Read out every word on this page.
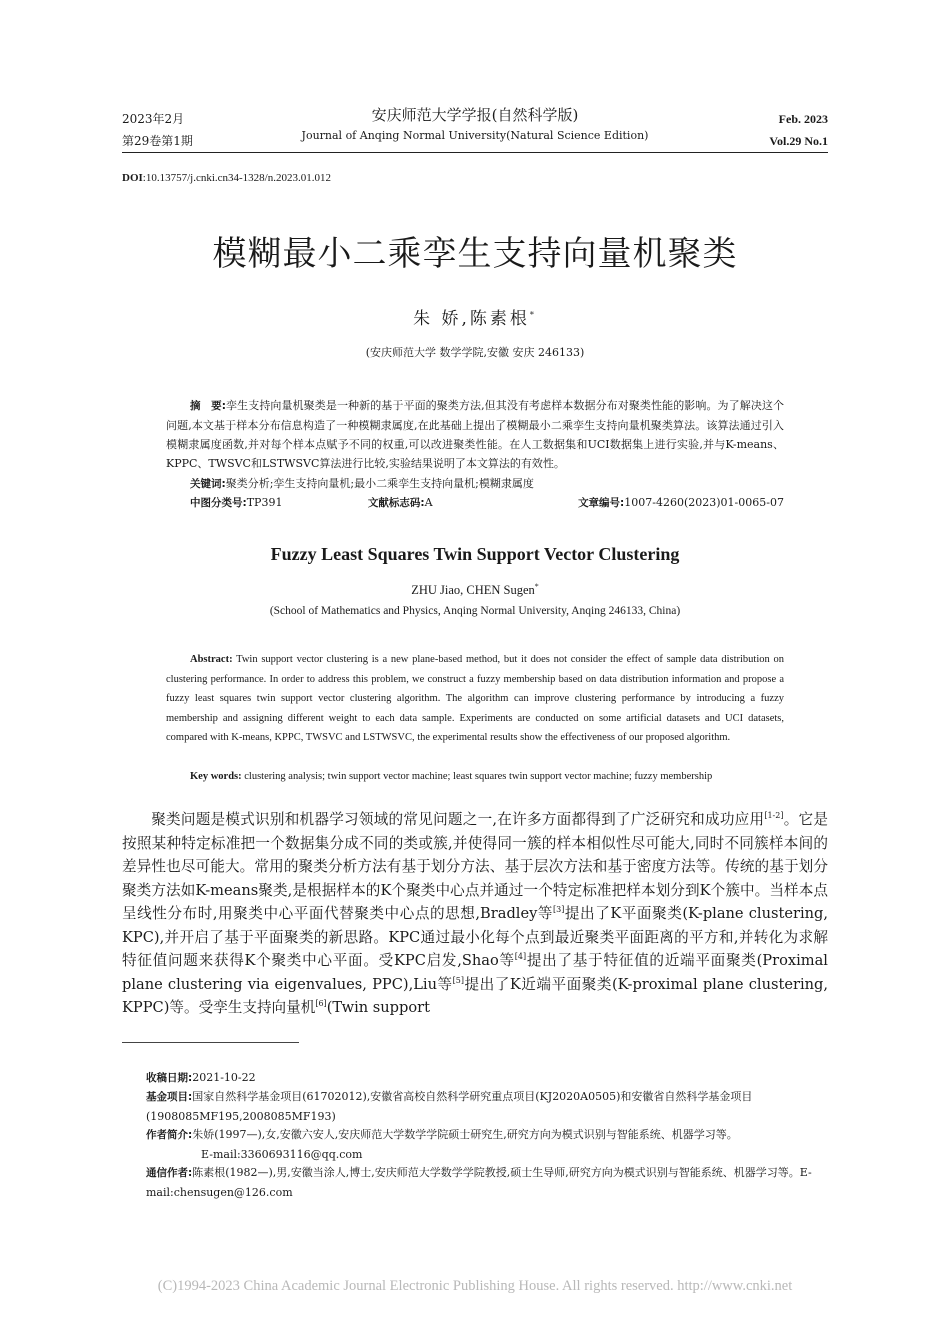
2023年2月
第29卷第1期
安庆师范大学学报(自然科学版)
Journal of Anqing Normal University(Natural Science Edition)
Feb. 2023
Vol.29 No.1
DOI:10.13757/j.cnki.cn34-1328/n.2023.01.012
模糊最小二乘孪生支持向量机聚类
朱 娇,陈素根*
(安庆师范大学 数学学院,安徽 安庆 246133)
摘　要:孪生支持向量机聚类是一种新的基于平面的聚类方法,但其没有考虑样本数据分布对聚类性能的影响。为了解决这个问题,本文基于样本分布信息构造了一种模糊隶属度,在此基础上提出了模糊最小二乘孪生支持向量机聚类算法。该算法通过引入模糊隶属度函数,并对每个样本点赋予不同的权重,可以改进聚类性能。在人工数据集和UCI数据集上进行实验,并与K-means、KPPC、TWSVC和LSTWSVC算法进行比较,实验结果说明了本文算法的有效性。
关键词:聚类分析;孪生支持向量机;最小二乘孪生支持向量机;模糊隶属度
中图分类号:TP391	文献标志码:A	文章编号:1007-4260(2023)01-0065-07
Fuzzy Least Squares Twin Support Vector Clustering
ZHU Jiao, CHEN Sugen*
(School of Mathematics and Physics, Anqing Normal University, Anqing 246133, China)
Abstract: Twin support vector clustering is a new plane-based method, but it does not consider the effect of sample data distribution on clustering performance. In order to address this problem, we construct a fuzzy membership based on data distribution information and propose a fuzzy least squares twin support vector clustering algorithm. The algorithm can improve clustering performance by introducing a fuzzy membership and assigning different weight to each data sample. Experiments are conducted on some artificial datasets and UCI datasets, compared with K-means, KPPC, TWSVC and LSTWSVC, the experimental results show the effectiveness of our proposed algorithm.
Key words: clustering analysis; twin support vector machine; least squares twin support vector machine; fuzzy membership
聚类问题是模式识别和机器学习领域的常见问题之一,在许多方面都得到了广泛研究和成功应用[1-2]。它是按照某种特定标准把一个数据集分成不同的类或簇,并使得同一簇的样本相似性尽可能大,同时不同簇样本间的差异性也尽可能大。常用的聚类分析方法有基于划分方法、基于层次方法和基于密度方法等。传统的基于划分聚类方法如K-means聚类,是根据样本的K个聚类中心点并通过一个特定标准把样本划分到K个簇中。当样本点呈线性分布时,用聚类中心平面代替聚类中心点的思想,Bradley等[3]提出了K平面聚类(K-plane clustering, KPC),并开启了基于平面聚类的新思路。KPC通过最小化每个点到最近聚类平面距离的平方和,并转化为求解特征值问题来获得K个聚类中心平面。受KPC启发,Shao等[4]提出了基于特征值的近端平面聚类(Proximal plane clustering via eigenvalues, PPC),Liu等[5]提出了K近端平面聚类(K-proximal plane clustering, KPPC)等。受孪生支持向量机[6](Twin support
收稿日期:2021-10-22
基金项目:国家自然科学基金项目(61702012),安徽省高校自然科学研究重点项目(KJ2020A0505)和安徽省自然科学基金项目(1908085MF195,2008085MF193)
作者简介:朱娇(1997—),女,安徽六安人,安庆师范大学数学学院硕士研究生,研究方向为模式识别与智能系统、机器学习等。
E-mail:3360693116@qq.com
通信作者:陈素根(1982—),男,安徽当涂人,博士,安庆师范大学数学学院教授,硕士生导师,研究方向为模式识别与智能系统、机器学习等。E-mail:chensugen@126.com
(C)1994-2023 China Academic Journal Electronic Publishing House. All rights reserved. http://www.cnki.net
